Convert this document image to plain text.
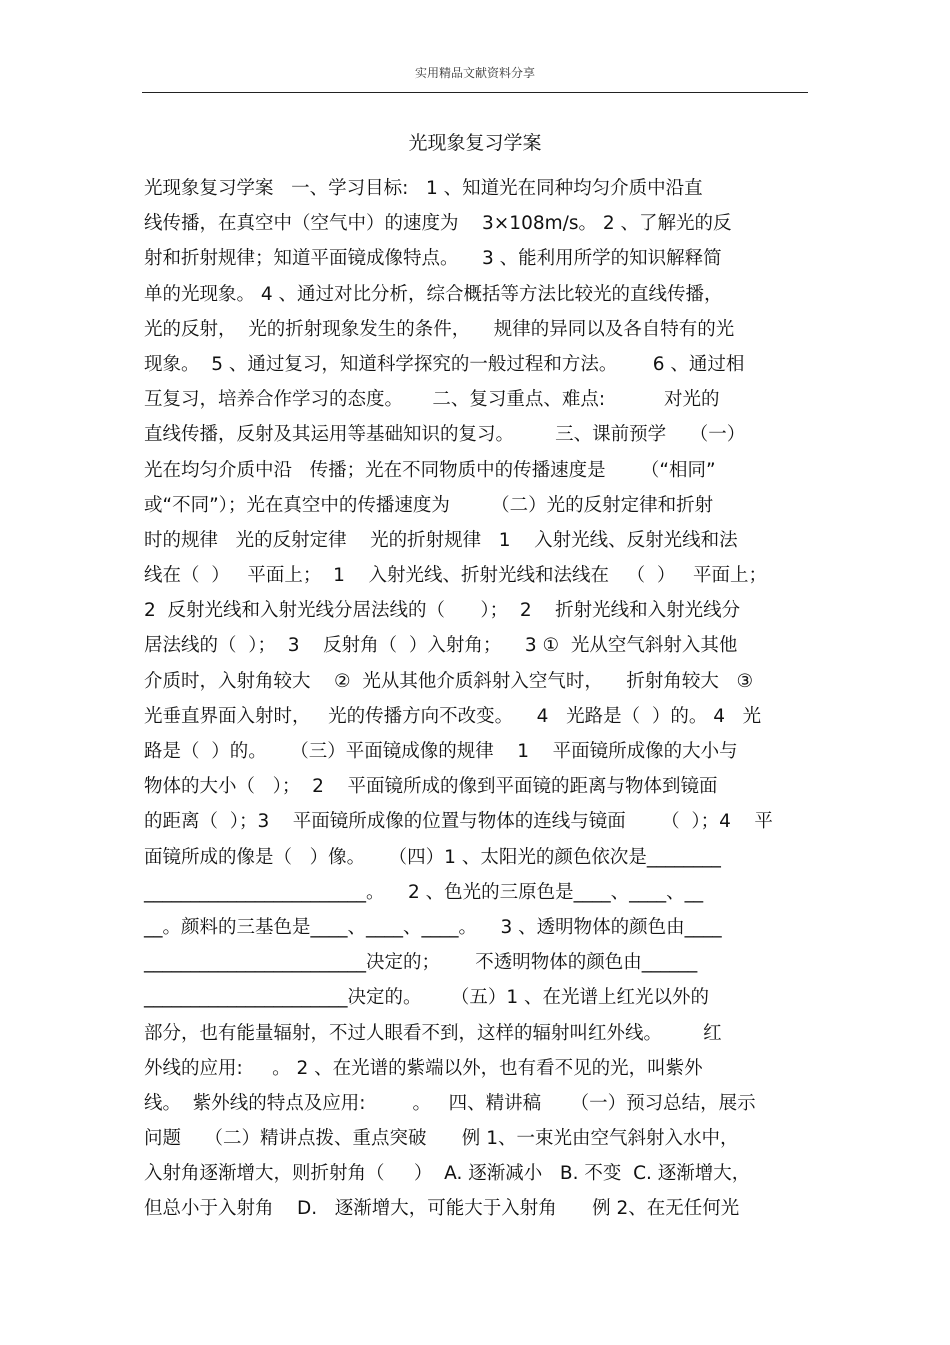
实用精品文献资料分享
光现象复习学案
光现象复习学案   一、学习目标:   1 、知道光在同种均匀介质中沿直
线传播，在真空中（空气中）的速度为    3×108m/s。 2 、了解光的反
射和折射规律；知道平面镜成像特点。    3 、能利用所学的知识解释简
单的光现象。 4 、通过对比分析，综合概括等方法比较光的直线传播，
光的反射，  光的折射现象发生的条件，    规律的异同以及各自特有的光
现象。  5 、通过复习，知道科学探究的一般过程和方法。      6 、通过相
互复习，培养合作学习的态度。     二、复习重点、难点:          对光的
直线传播，反射及其运用等基础知识的复习。       三、课前预学    （一）
光在均匀介质中沿   传播；光在不同物质中的传播速度是      （“相同”
或“不同”）；光在真空中的传播速度为       （二）光的反射定律和折射
时的规律   光的反射定律    光的折射规律   1    入射光线、反射光线和法
线在（  ）   平面上；  1    入射光线、折射光线和法线在   （  ）   平面上；
2  反射光线和入射光线分居法线的（      ）；  2    折射光线和入射光线分
居法线的（  ）；  3    反射角（  ）入射角；    3 ①  光从空气斜射入其他
介质时，入射角较大    ②  光从其他介质斜射入空气时，    折射角较大   ③
光垂直界面入射时，   光的传播方向不改变。    4   光路是（  ）的。 4   光
路是（  ）的。    （三）平面镜成像的规律    1    平面镜所成像的大小与
物体的大小（   ）；  2    平面镜所成的像到平面镜的距离与物体到镜面
的距离（  ）；3    平面镜所成像的位置与物体的连线与镜面      （  ）；4    平
面镜所成的像是（   ）像。    （四）1 、太阳光的颜色依次是________
________________________。    2 、色光的三原色是____、____、__
__。颜料的三基色是____、____、____。    3 、透明物体的颜色由____
________________________决定的；      不透明物体的颜色由______
______________________决定的。     （五）1 、在光谱上红光以外的
部分，也有能量辐射，不过人眼看不到，这样的辐射叫红外线。       红
外线的应用:     。 2 、在光谱的紫端以外，也有看不见的光，叫紫外
线。  紫外线的特点及应用:        。   四、精讲稿     （一）预习总结，展示
问题    （二）精讲点拨、重点突破      例 1、一束光由空气斜射入水中，
入射角逐渐增大，则折射角（     ）  A. 逐渐减小   B. 不变  C. 逐渐增大，
但总小于入射角    D.   逐渐增大，可能大于入射角      例 2、在无任何光
